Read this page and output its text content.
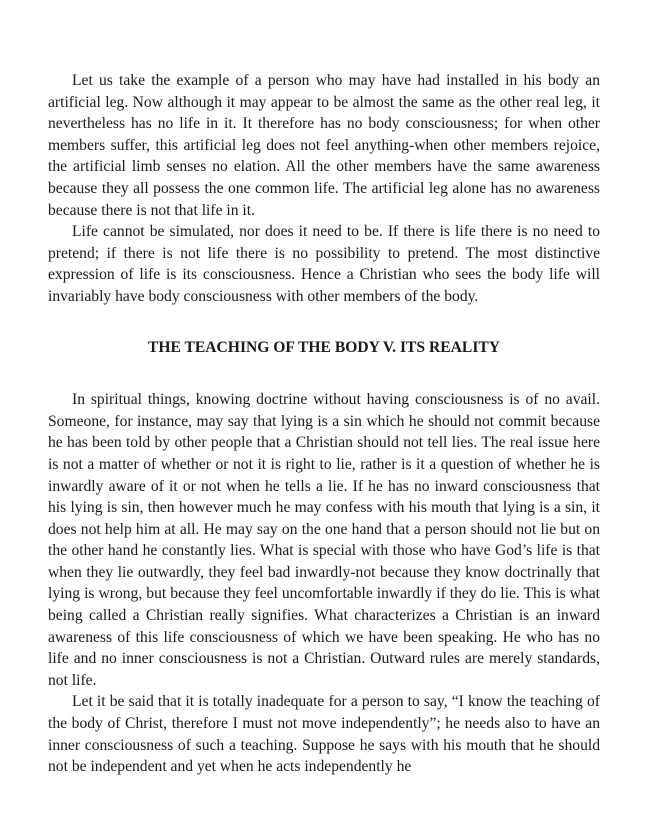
Let us take the example of a person who may have had installed in his body an artificial leg. Now although it may appear to be almost the same as the other real leg, it nevertheless has no life in it. It therefore has no body consciousness; for when other members suffer, this artificial leg does not feel anything-when other members rejoice, the artificial limb senses no elation. All the other members have the same awareness because they all possess the one common life. The artificial leg alone has no awareness because there is not that life in it.

Life cannot be simulated, nor does it need to be. If there is life there is no need to pretend; if there is not life there is no possibility to pretend. The most distinctive expression of life is its consciousness. Hence a Christian who sees the body life will invariably have body consciousness with other members of the body.

THE TEACHING OF THE BODY V. ITS REALITY

In spiritual things, knowing doctrine without having consciousness is of no avail. Someone, for instance, may say that lying is a sin which he should not commit because he has been told by other people that a Christian should not tell lies. The real issue here is not a matter of whether or not it is right to lie, rather is it a question of whether he is inwardly aware of it or not when he tells a lie. If he has no inward consciousness that his lying is sin, then however much he may confess with his mouth that lying is a sin, it does not help him at all. He may say on the one hand that a person should not lie but on the other hand he constantly lies. What is special with those who have God’s life is that when they lie outwardly, they feel bad inwardly-not because they know doctrinally that lying is wrong, but because they feel uncomfortable inwardly if they do lie. This is what being called a Christian really signifies. What characterizes a Christian is an inward awareness of this life consciousness of which we have been speaking. He who has no life and no inner consciousness is not a Christian. Outward rules are merely standards, not life.

Let it be said that it is totally inadequate for a person to say, “I know the teaching of the body of Christ, therefore I must not move independently”; he needs also to have an inner consciousness of such a teaching. Suppose he says with his mouth that he should not be independent and yet when he acts independently he
